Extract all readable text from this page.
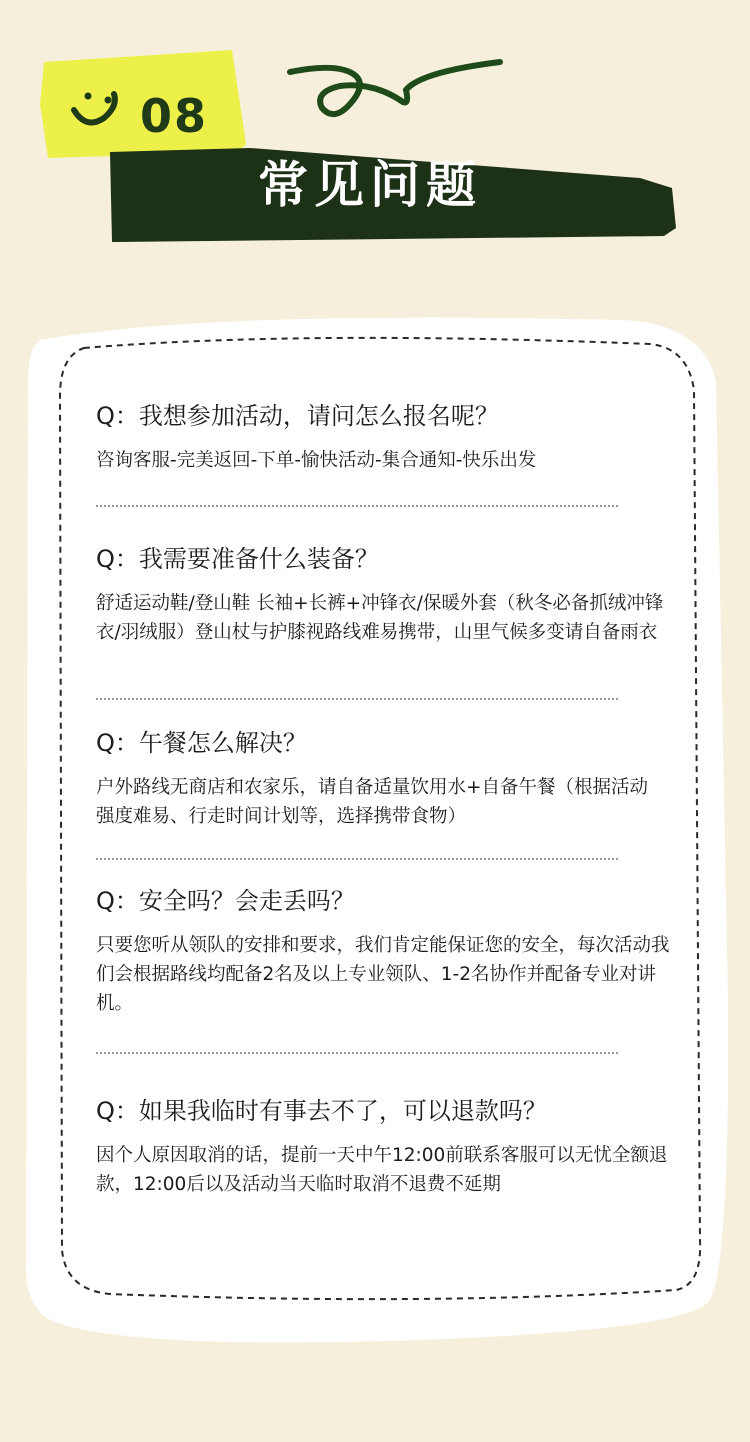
08
常见问题
Q：我想参加活动，请问怎么报名呢？
咨询客服-完美返回-下单-愉快活动-集合通知-快乐出发
Q：我需要准备什么装备？
舒适运动鞋/登山鞋 长袖+长裤+冲锋衣/保暖外套（秋冬必备抓绒冲锋衣/羽绒服）登山杖与护膝视路线难易携带，山里气候多变请自备雨衣
Q：午餐怎么解决？
户外路线无商店和农家乐，请自备适量饮用水+自备午餐（根据活动强度难易、行走时间计划等，选择携带食物）
Q：安全吗？会走丢吗？
只要您听从领队的安排和要求，我们肯定能保证您的安全，每次活动我们会根据路线均配备2名及以上专业领队、1-2名协作并配备专业对讲机。
Q：如果我临时有事去不了，可以退款吗？
因个人原因取消的话，提前一天中午12:00前联系客服可以无忧全额退款，12:00后以及活动当天临时取消不退费不延期
